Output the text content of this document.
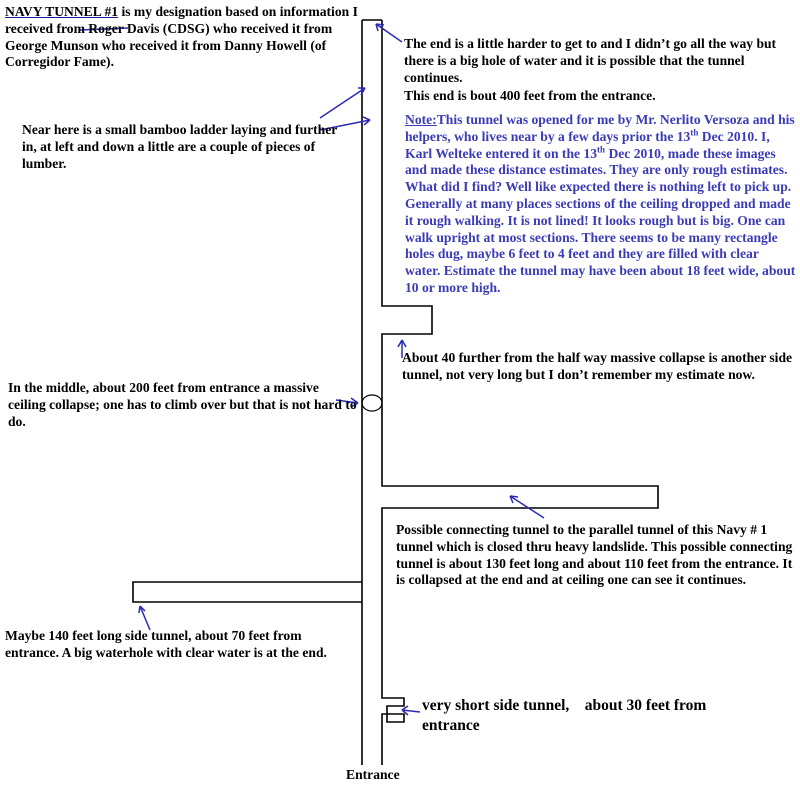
NAVY TUNNEL #1 is my designation based on information I received from Roger Davis (CDSG) who received it from George Munson who received it from Danny Howell (of Corregidor Fame).

The end is a little harder to get to and I didn’t go all the way but there is a big hole of water and it is possible that the tunnel continues.

This end is bout 400 feet from the entrance.

Note:This tunnel was opened for me by Mr. Nerlito Versoza and his helpers, who lives near by a few days prior the 13th Dec 2010. I, Karl Welteke entered it on the 13th Dec 2010, made these images and made these distance estimates. They are only rough estimates. What did I find? Well like expected there is nothing left to pick up. Generally at many places sections of the ceiling dropped and made it rough walking. It is not lined! It looks rough but is big. One can walk upright at most sections. There seems to be many rectangle holes dug, maybe 6 feet to 4 feet and they are filled with clear water. Estimate the tunnel may have been about 18 feet wide, about 10 or more high.

Near here is a small bamboo ladder laying and further in, at left and down a little are a couple of pieces of lumber.

About 40 further from the half way massive collapse is another side tunnel, not very long but I don’t remember my estimate now.

In the middle, about 200 feet from entrance a massive ceiling collapse; one has to climb over but that is not hard to do.

Possible connecting tunnel to the parallel tunnel of this Navy # 1 tunnel which is closed thru heavy landslide. This possible connecting tunnel is about 130 feet long and about 110 feet from the entrance. It is collapsed at the end and at ceiling one can see it continues.

Maybe 140 feet long side tunnel, about 70 feet from entrance. A big waterhole with clear water is at the end.

very short side tunnel,    about 30 feet from
entrance

Entrance
